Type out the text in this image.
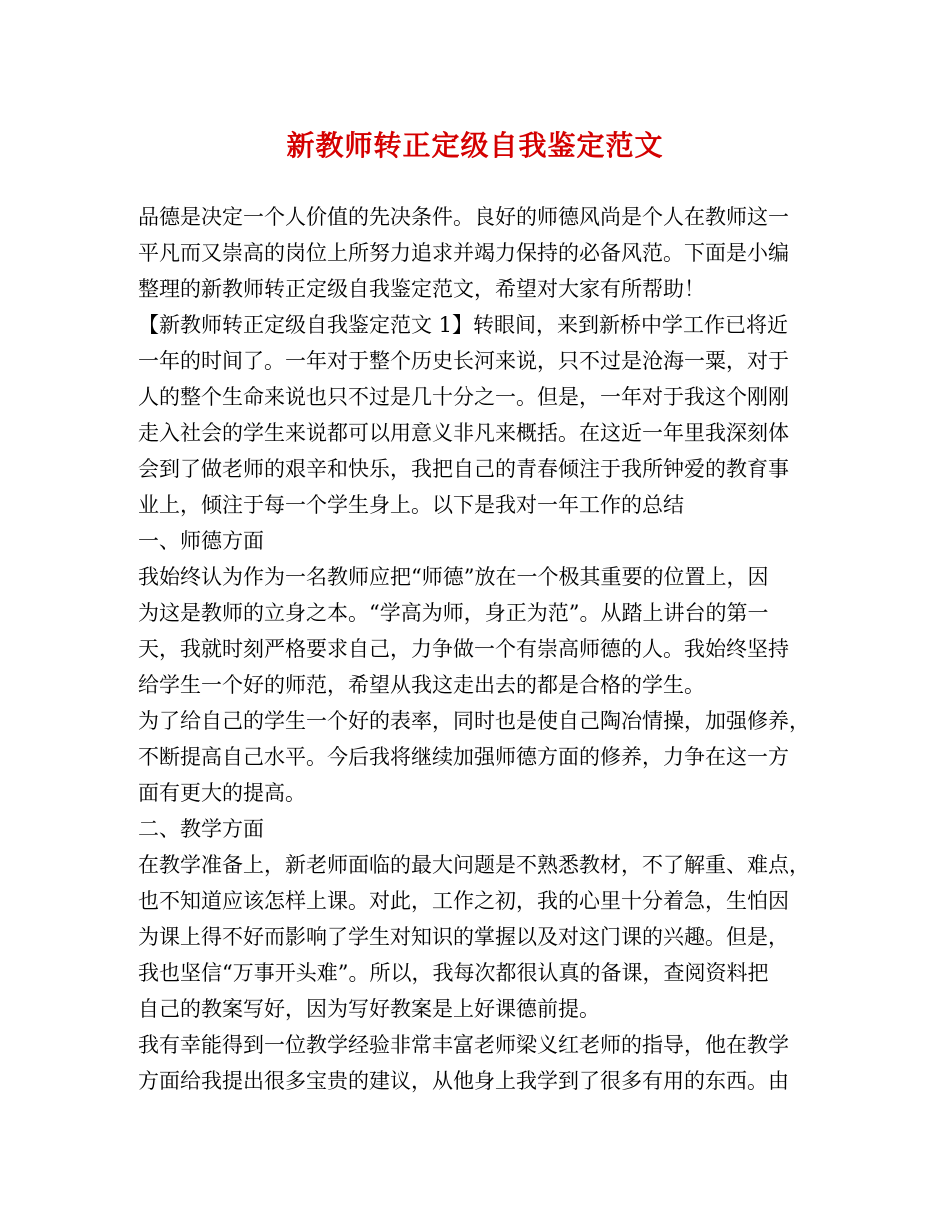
新教师转正定级自我鉴定范文
品德是决定一个人价值的先决条件。良好的师德风尚是个人在教师这一
平凡而又崇高的岗位上所努力追求并竭力保持的必备风范。下面是小编
整理的新教师转正定级自我鉴定范文，希望对大家有所帮助！
【新教师转正定级自我鉴定范文 1】转眼间，来到新桥中学工作已将近
一年的时间了。一年对于整个历史长河来说，只不过是沧海一粟，对于
人的整个生命来说也只不过是几十分之一。但是，一年对于我这个刚刚
走入社会的学生来说都可以用意义非凡来概括。在这近一年里我深刻体
会到了做老师的艰辛和快乐，我把自己的青春倾注于我所钟爱的教育事
业上，倾注于每一个学生身上。以下是我对一年工作的总结
一、师德方面
我始终认为作为一名教师应把“师德”放在一个极其重要的位置上，因
为这是教师的立身之本。“学高为师，身正为范”。从踏上讲台的第一
天，我就时刻严格要求自己，力争做一个有崇高师德的人。我始终坚持
给学生一个好的师范，希望从我这走出去的都是合格的学生。
为了给自己的学生一个好的表率，同时也是使自己陶冶情操，加强修养，
不断提高自己水平。今后我将继续加强师德方面的修养，力争在这一方
面有更大的提高。
二、教学方面
在教学准备上，新老师面临的最大问题是不熟悉教材，不了解重、难点，
也不知道应该怎样上课。对此，工作之初，我的心里十分着急，生怕因
为课上得不好而影响了学生对知识的掌握以及对这门课的兴趣。但是，
我也坚信“万事开头难”。所以，我每次都很认真的备课，查阅资料把
自己的教案写好，因为写好教案是上好课德前提。
我有幸能得到一位教学经验非常丰富老师梁义红老师的指导，他在教学
方面给我提出很多宝贵的建议，从他身上我学到了很多有用的东西。由
